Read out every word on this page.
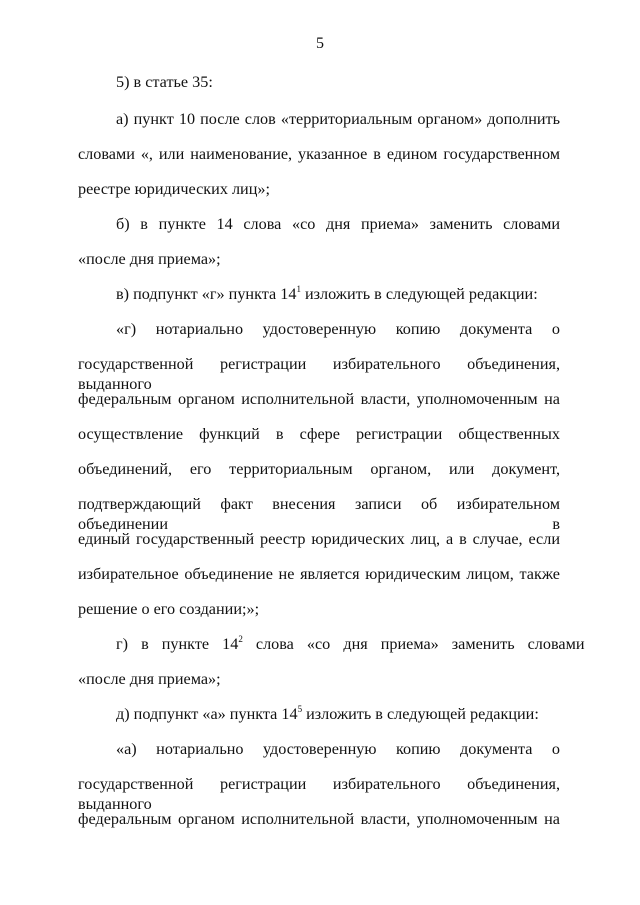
5
5) в статье 35:
а) пункт 10 после слов «территориальным органом» дополнить
словами «, или наименование, указанное в едином государственном
реестре юридических лиц»;
б) в пункте 14 слова «со дня приема» заменить словами
«после дня приема»;
в) подпункт «г» пункта $14^1$ изложить в следующей редакции:
«г) нотариально удостоверенную копию документа о
государственной регистрации избирательного объединения, выданного
федеральным органом исполнительной власти, уполномоченным на
осуществление функций в сфере регистрации общественных
объединений, его территориальным органом, или документ,
подтверждающий факт внесения записи об избирательном объединении в
единый государственный реестр юридических лиц, а в случае, если
избирательное объединение не является юридическим лицом, также
решение о его создании;»;
г) в пункте $14^2$ слова «со дня приема» заменить словами
«после дня приема»;
д) подпункт «а» пункта $14^5$ изложить в следующей редакции:
«а) нотариально удостоверенную копию документа о
государственной регистрации избирательного объединения, выданного
федеральным органом исполнительной власти, уполномоченным на
